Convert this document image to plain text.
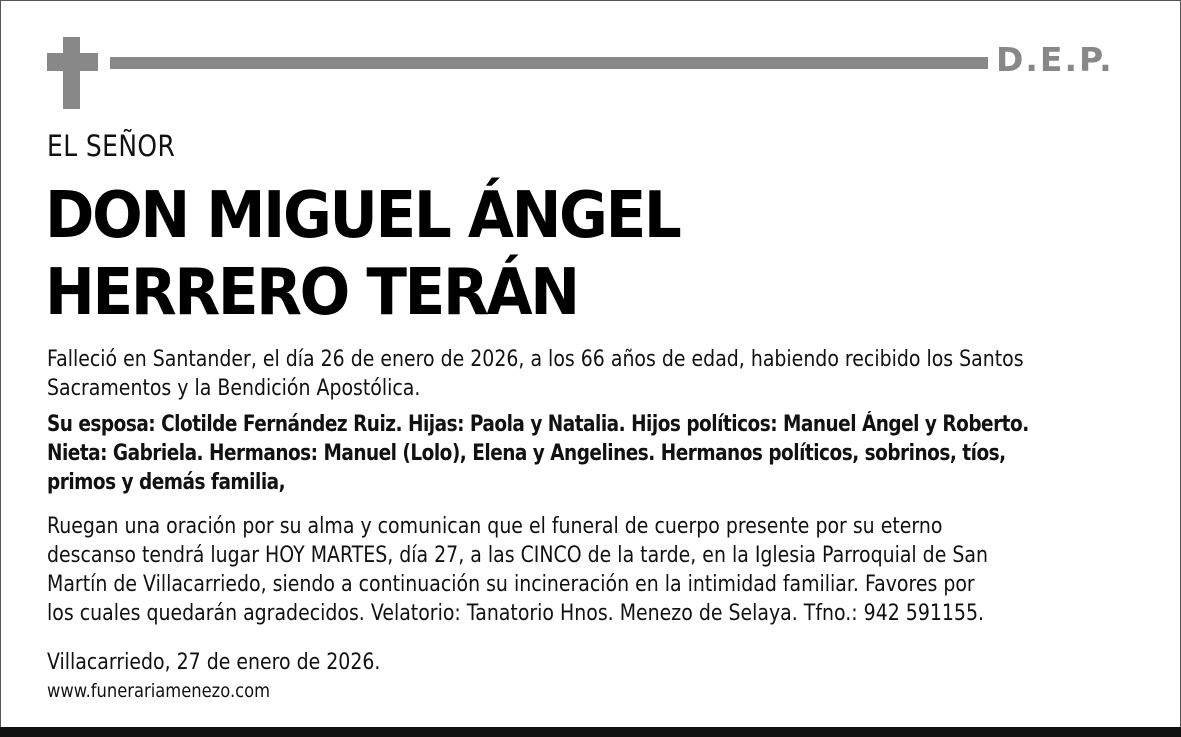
D.E.P.
EL SEÑOR
DON MIGUEL ÁNGEL
HERRERO TERÁN
Falleció en Santander, el día 26 de enero de 2026, a los 66 años de edad, habiendo recibido los Santos
Sacramentos y la Bendición Apostólica.
Su esposa: Clotilde Fernández Ruiz. Hijas: Paola y Natalia. Hijos políticos: Manuel Ángel y Roberto.
Nieta: Gabriela. Hermanos: Manuel (Lolo), Elena y Angelines. Hermanos políticos, sobrinos, tíos,
primos y demás familia,
Ruegan una oración por su alma y comunican que el funeral de cuerpo presente por su eterno
descanso tendrá lugar HOY MARTES, día 27, a las CINCO de la tarde, en la Iglesia Parroquial de San
Martín de Villacarriedo, siendo a continuación su incineración en la intimidad familiar. Favores por
los cuales quedarán agradecidos. Velatorio: Tanatorio Hnos. Menezo de Selaya. Tfno.: 942 591155.
Villacarriedo, 27 de enero de 2026.
www.funerariamenezo.com
